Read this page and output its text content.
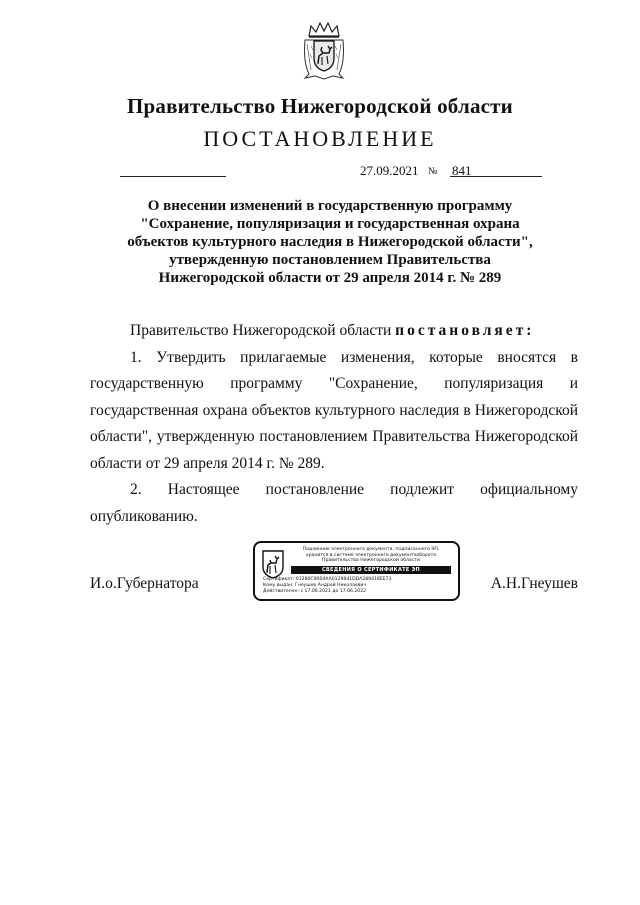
Правительство Нижегородской области
ПОСТАНОВЛЕНИЕ
27.09.2021 № 841
О внесении изменений в государственную программу
"Сохранение, популяризация и государственная охрана
объектов культурного наследия в Нижегородской области",
утвержденную постановлением Правительства
Нижегородской области от 29 апреля 2014 г. № 289
Правительство Нижегородской области постановляет:
1. Утвердить прилагаемые изменения, которые вносятся в государственную программу "Сохранение, популяризация и государственная охрана объектов культурного наследия в Нижегородской области", утвержденную постановлением Правительства Нижегородской области от 29 апреля 2014 г. № 289.
2. Настоящее постановление подлежит официальному опубликованию.
И.о.Губернатора	А.Н.Гнеушев
Подлинник электронного документа, подписанного ЭП,
хранится в системе электронного документооборота
Правительства Нижегородской области
СВЕДЕНИЯ О СЕРТИФИКАТЕ ЭП
Сертификат: 01280C9004AA0129841DDA289418EE73
Кому выдан: Гнеушев Андрей Николаевич
Действителен: с 17.06.2021 до 17.06.2022
